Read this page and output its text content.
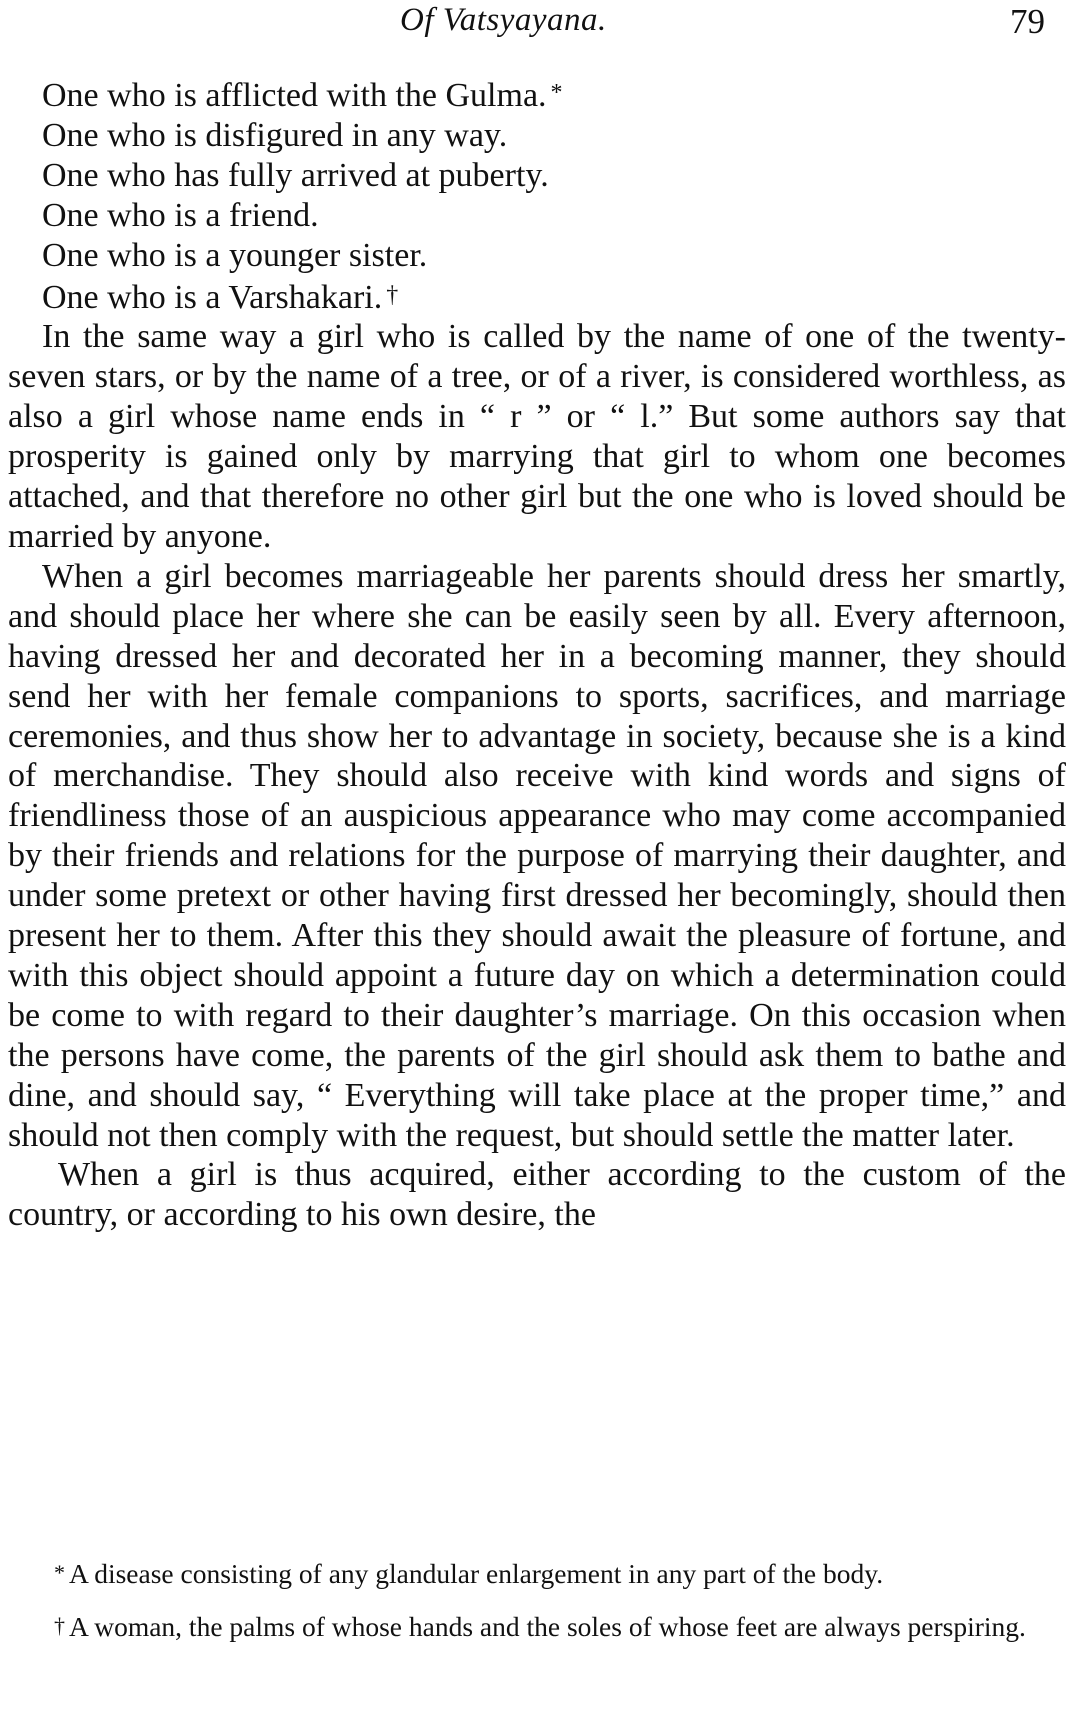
Of Vatsyayana.	79
One who is afflicted with the Gulma. *
One who is disfigured in any way.
One who has fully arrived at puberty.
One who is a friend.
One who is a younger sister.
One who is a Varshakari. †

In the same way a girl who is called by the name of one of the twenty-seven stars, or by the name of a tree, or of a river, is considered worthless, as also a girl whose name ends in “ r ” or “ l.” But some authors say that prosperity is gained only by marrying that girl to whom one becomes attached, and that therefore no other girl but the one who is loved should be married by anyone.

When a girl becomes marriageable her parents should dress her smartly, and should place her where she can be easily seen by all. Every afternoon, having dressed her and decorated her in a becoming manner, they should send her with her female companions to sports, sacrifices, and marriage ceremonies, and thus show her to advantage in society, because she is a kind of merchandise. They should also receive with kind words and signs of friendliness those of an auspicious appearance who may come accompanied by their friends and relations for the purpose of marrying their daughter, and under some pretext or other having first dressed her becomingly, should then present her to them. After this they should await the pleasure of fortune, and with this object should appoint a future day on which a determination could be come to with regard to their daughter’s marriage. On this occasion when the persons have come, the parents of the girl should ask them to bathe and dine, and should say, “ Everything will take place at the proper time,” and should not then comply with the request, but should settle the matter later.

When a girl is thus acquired, either according to the custom of the country, or according to his own desire, the

* A disease consisting of any glandular enlargement in any part of the body.

† A woman, the palms of whose hands and the soles of whose feet are always perspiring.
